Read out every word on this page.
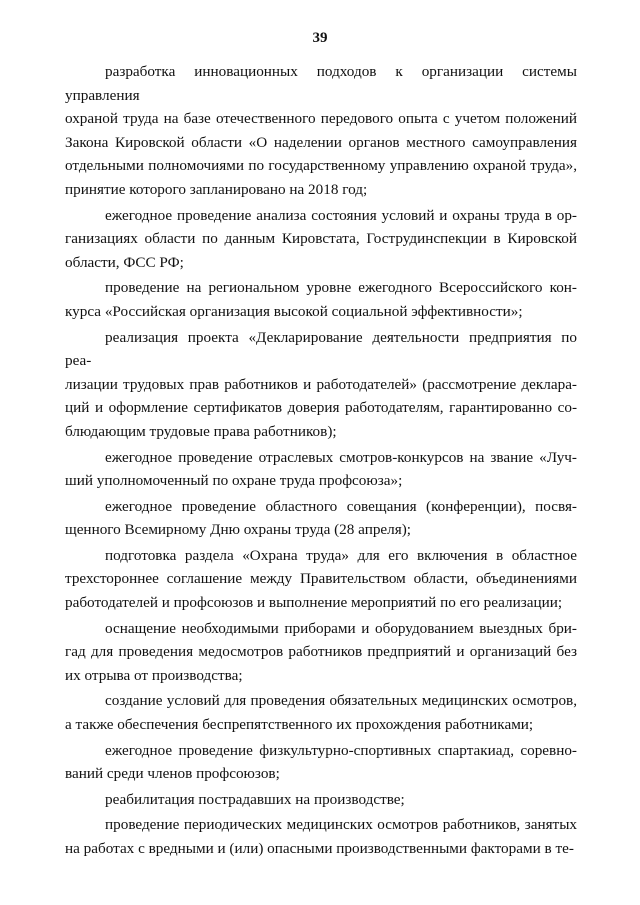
39
разработка инновационных подходов к организации системы управления
охраной труда на базе отечественного передового опыта с учетом положений
Закона Кировской области «О наделении органов местного самоуправления
отдельными полномочиями по государственному управлению охраной труда»,
принятие которого запланировано на 2018 год;
ежегодное проведение анализа состояния условий и охраны труда в ор-
ганизациях области по данным Кировстата, Гострудинспекции в Кировской
области, ФСС РФ;
проведение на региональном уровне ежегодного Всероссийского кон-
курса «Российская организация высокой социальной эффективности»;
реализация проекта «Декларирование деятельности предприятия по реа-
лизации трудовых прав работников и работодателей» (рассмотрение деклара-
ций и оформление сертификатов доверия работодателям, гарантированно со-
блюдающим трудовые права работников);
ежегодное проведение отраслевых смотров-конкурсов на звание «Луч-
ший уполномоченный по охране труда профсоюза»;
ежегодное проведение областного совещания (конференции), посвя-
щенного Всемирному Дню охраны труда (28 апреля);
подготовка раздела «Охрана труда» для его включения в областное
трехстороннее соглашение между Правительством области, объединениями
работодателей и профсоюзов и выполнение мероприятий по его реализации;
оснащение необходимыми приборами и оборудованием выездных бри-
гад для проведения медосмотров работников предприятий и организаций без
их отрыва от производства;
создание условий для проведения обязательных медицинских осмотров,
а также обеспечения беспрепятственного их прохождения работниками;
ежегодное проведение физкультурно-спортивных спартакиад, соревно-
ваний среди членов профсоюзов;
реабилитация пострадавших на производстве;
проведение периодических медицинских осмотров работников, занятых
на работах с вредными и (или) опасными производственными факторами в те-
